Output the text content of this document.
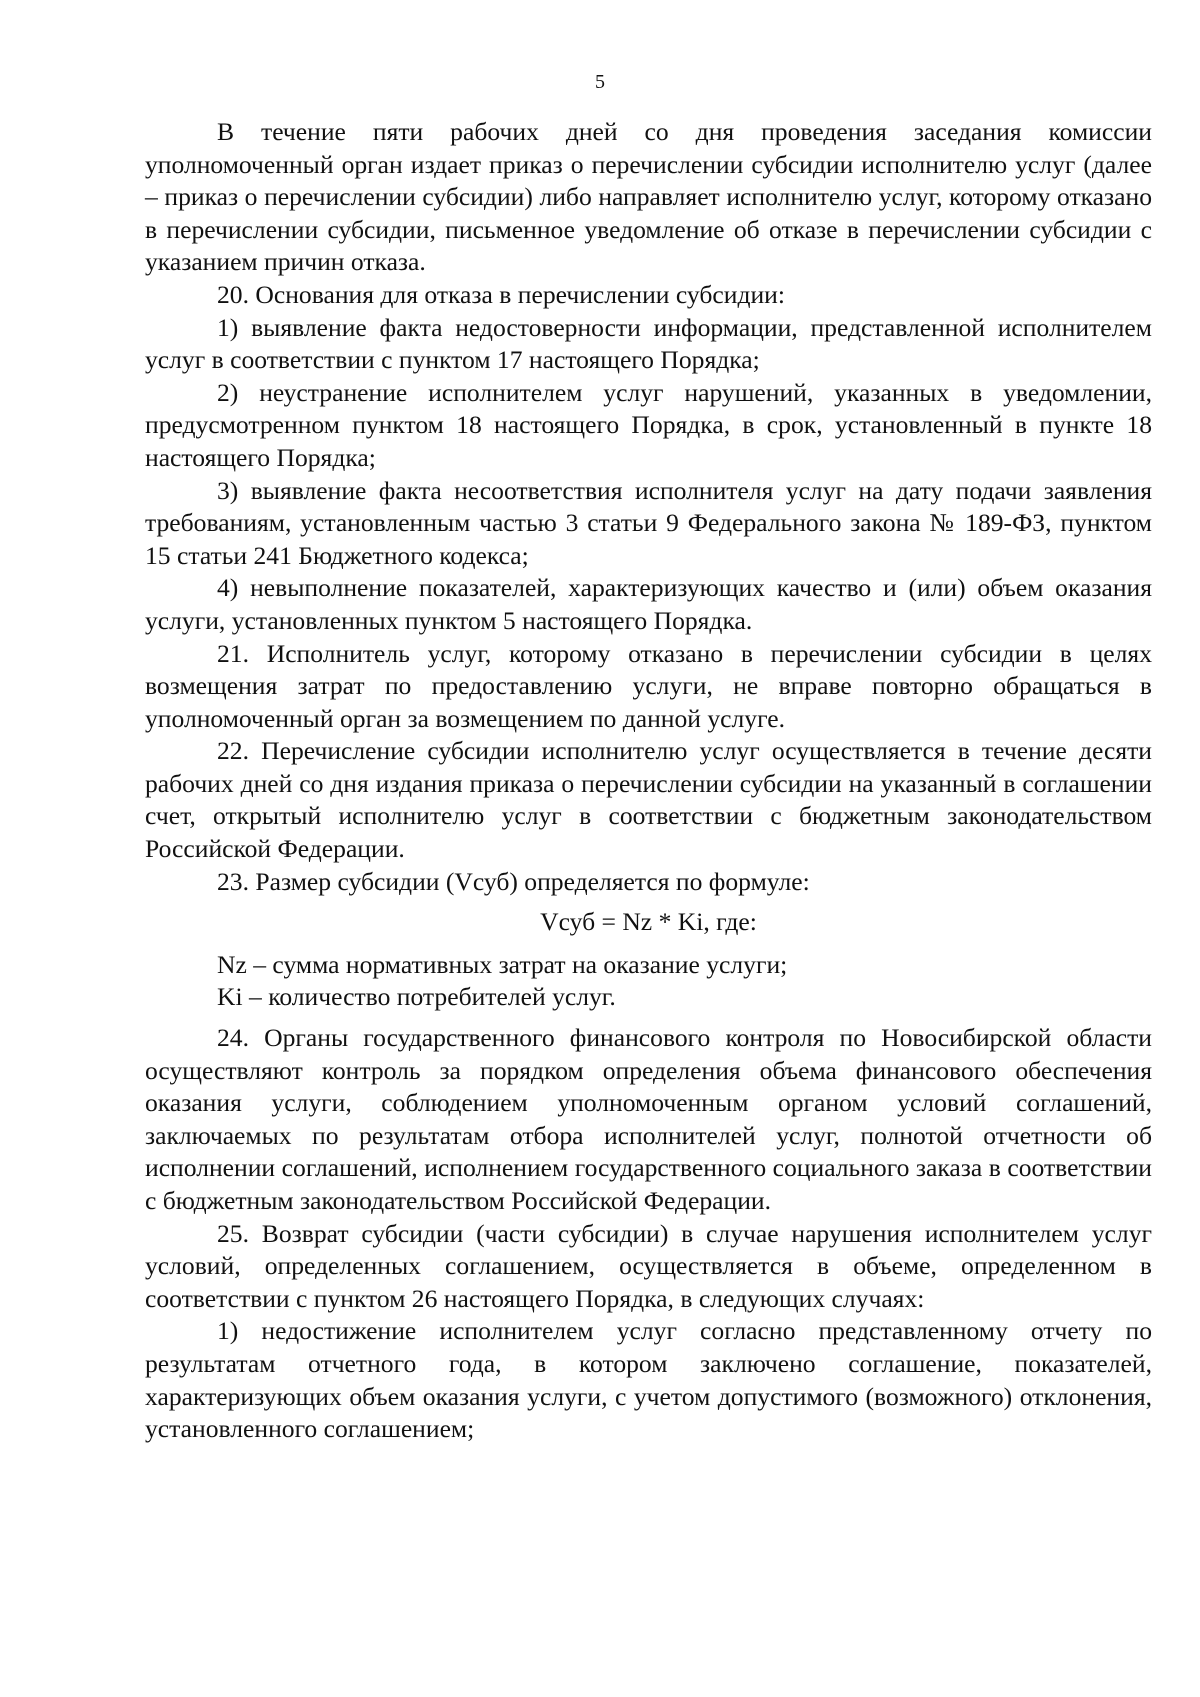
5

В течение пяти рабочих дней со дня проведения заседания комиссии уполномоченный орган издает приказ о перечислении субсидии исполнителю услуг (далее – приказ о перечислении субсидии) либо направляет исполнителю услуг, которому отказано в перечислении субсидии, письменное уведомление об отказе в перечислении субсидии с указанием причин отказа.

20. Основания для отказа в перечислении субсидии:

1) выявление факта недостоверности информации, представленной исполнителем услуг в соответствии с пунктом 17 настоящего Порядка;

2) неустранение исполнителем услуг нарушений, указанных в уведомлении, предусмотренном пунктом 18 настоящего Порядка, в срок, установленный в пункте 18 настоящего Порядка;

3) выявление факта несоответствия исполнителя услуг на дату подачи заявления требованиям, установленным частью 3 статьи 9 Федерального закона № 189-ФЗ, пунктом 15 статьи 241 Бюджетного кодекса;

4) невыполнение показателей, характеризующих качество и (или) объем оказания услуги, установленных пунктом 5 настоящего Порядка.

21. Исполнитель услуг, которому отказано в перечислении субсидии в целях возмещения затрат по предоставлению услуги, не вправе повторно обращаться в уполномоченный орган за возмещением по данной услуге.

22. Перечисление субсидии исполнителю услуг осуществляется в течение десяти рабочих дней со дня издания приказа о перечислении субсидии на указанный в соглашении счет, открытый исполнителю услуг в соответствии с бюджетным законодательством Российской Федерации.

23. Размер субсидии (Vсуб) определяется по формуле:

Vсуб = Nz * Ki, где:

Nz – сумма нормативных затрат на оказание услуги;

Ki – количество потребителей услуг.

24. Органы государственного финансового контроля по Новосибирской области осуществляют контроль за порядком определения объема финансового обеспечения оказания услуги, соблюдением уполномоченным органом условий соглашений, заключаемых по результатам отбора исполнителей услуг, полнотой отчетности об исполнении соглашений, исполнением государственного социального заказа в соответствии с бюджетным законодательством Российской Федерации.

25. Возврат субсидии (части субсидии) в случае нарушения исполнителем услуг условий, определенных соглашением, осуществляется в объеме, определенном в соответствии с пунктом 26 настоящего Порядка, в следующих случаях:

1) недостижение исполнителем услуг согласно представленному отчету по результатам отчетного года, в котором заключено соглашение, показателей, характеризующих объем оказания услуги, с учетом допустимого (возможного) отклонения, установленного соглашением;
